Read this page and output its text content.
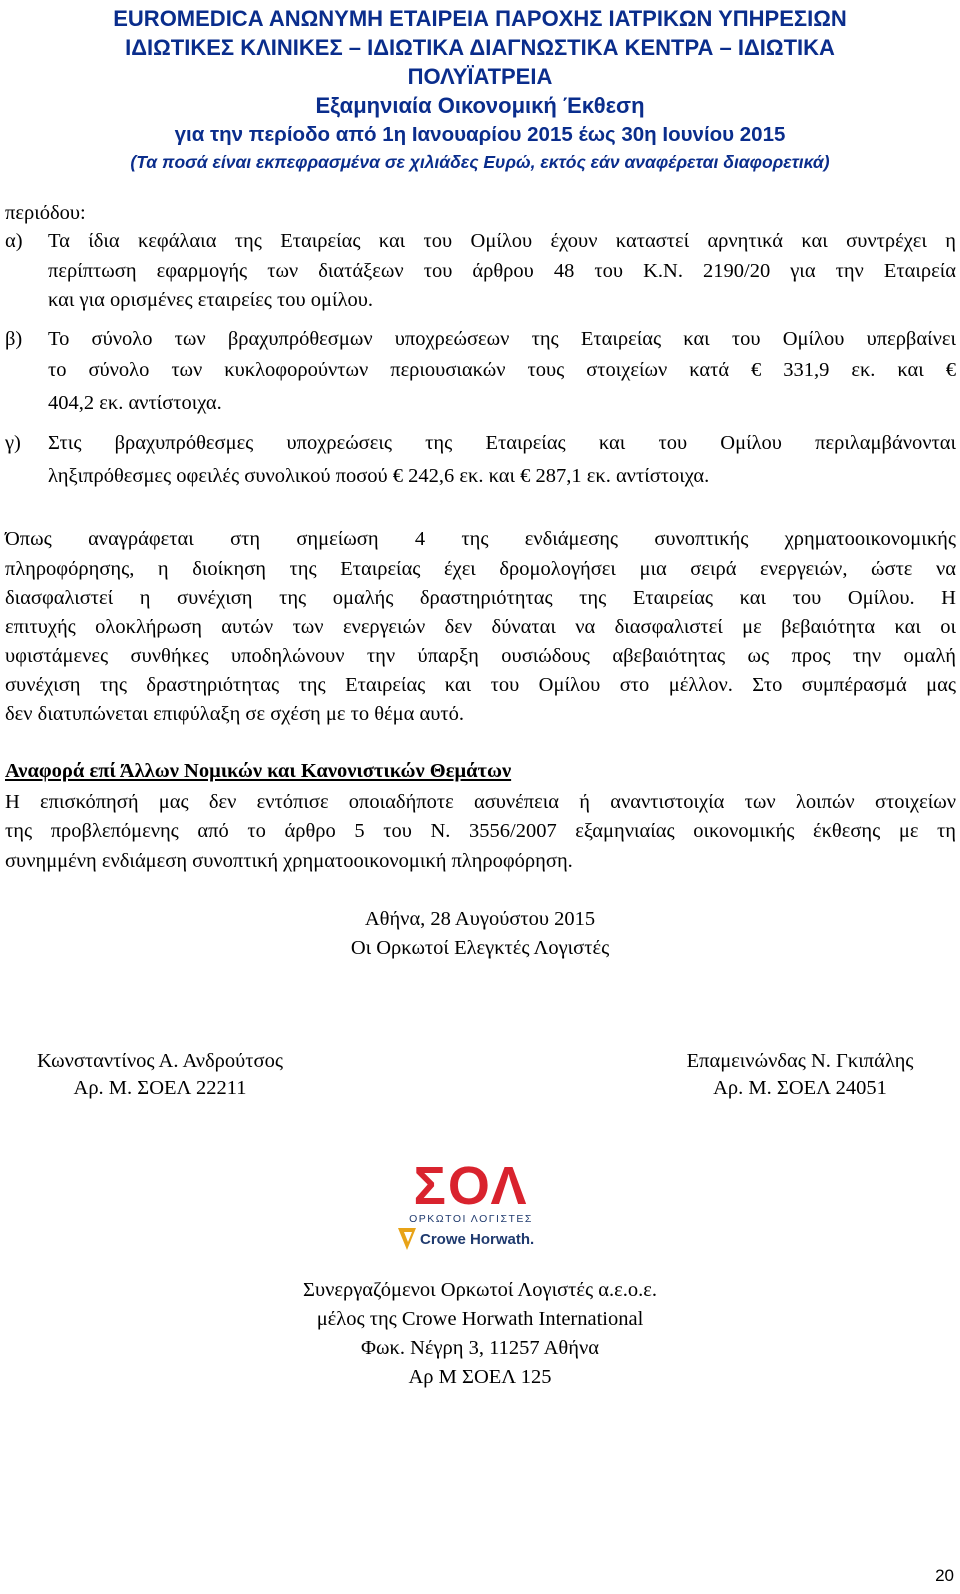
EUROMEDICA ΑΝΩΝΥΜΗ ΕΤΑΙΡΕΙΑ ΠΑΡΟΧΗΣ ΙΑΤΡΙΚΩΝ ΥΠΗΡΕΣΙΩΝ
ΙΔΙΩΤΙΚΕΣ ΚΛΙΝΙΚΕΣ – ΙΔΙΩΤΙΚΑ ΔΙΑΓΝΩΣΤΙΚΑ ΚΕΝΤΡΑ – ΙΔΙΩΤΙΚΑ
ΠΟΛΥΪΑΤΡΕΙΑ
Εξαμηνιαία Οικονομική Έκθεση
για την περίοδο από 1η Ιανουαρίου 2015 έως 30η Ιουνίου 2015
(Τα ποσά είναι εκπεφρασμένα σε χιλιάδες Ευρώ, εκτός εάν αναφέρεται διαφορετικά)
περιόδου:
α) Τα ίδια κεφάλαια της Εταιρείας και του Ομίλου έχουν καταστεί αρνητικά και συντρέχει η
περίπτωση εφαρμογής των διατάξεων του άρθρου 48 του Κ.Ν. 2190/20 για την Εταιρεία
και για ορισμένες εταιρείες του ομίλου.
β) Το σύνολο των βραχυπρόθεσμων υποχρεώσεων της Εταιρείας και του Ομίλου υπερβαίνει
το σύνολο των κυκλοφορούντων περιουσιακών τους στοιχείων κατά € 331,9 εκ. και €
404,2 εκ. αντίστοιχα.
γ) Στις βραχυπρόθεσμες υποχρεώσεις της Εταιρείας και του Ομίλου περιλαμβάνονται
ληξιπρόθεσμες οφειλές συνολικού ποσού € 242,6 εκ. και € 287,1 εκ. αντίστοιχα.
Όπως αναγράφεται στη σημείωση 4 της ενδιάμεσης συνοπτικής χρηματοοικονομικής
πληροφόρησης, η διοίκηση της Εταιρείας έχει δρομολογήσει μια σειρά ενεργειών, ώστε να
διασφαλιστεί η συνέχιση της ομαλής δραστηριότητας της Εταιρείας και του Ομίλου. Η
επιτυχής ολοκλήρωση αυτών των ενεργειών δεν δύναται να διασφαλιστεί με βεβαιότητα και οι
υφιστάμενες συνθήκες υποδηλώνουν την ύπαρξη ουσιώδους αβεβαιότητας ως προς την ομαλή
συνέχιση της δραστηριότητας της Εταιρείας και του Ομίλου στο μέλλον. Στο συμπέρασμά μας
δεν διατυπώνεται επιφύλαξη σε σχέση με το θέμα αυτό.
Αναφορά επί Άλλων Νομικών και Κανονιστικών Θεμάτων
Η επισκόπησή μας δεν εντόπισε οποιαδήποτε ασυνέπεια ή αναντιστοιχία των λοιπών στοιχείων
της προβλεπόμενης από το άρθρο 5 του Ν. 3556/2007 εξαμηνιαίας οικονομικής έκθεσης με τη
συνημμένη ενδιάμεση συνοπτική χρηματοοικονομική πληροφόρηση.
Αθήνα, 28 Αυγούστου 2015
Οι Ορκωτοί Ελεγκτές Λογιστές
Κωνσταντίνος Α. Ανδρούτσος
Αρ. Μ. ΣΟΕΛ 22211
Επαμεινώνδας Ν. Γκιπάλης
Αρ. Μ. ΣΟΕΛ 24051
ΣΟΛ
ΟΡΚΩΤΟΙ ΛΟΓΙΣΤΕΣ
Crowe Horwath.
Συνεργαζόμενοι Ορκωτοί Λογιστές α.ε.ο.ε.
μέλος της Crowe Horwath International
Φωκ. Νέγρη 3, 11257 Αθήνα
Αρ Μ ΣΟΕΛ 125
20
